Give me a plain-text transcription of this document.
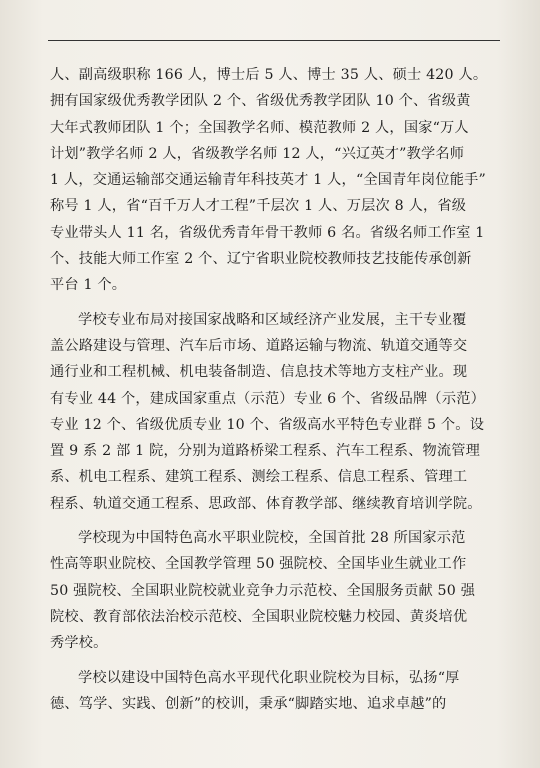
人、副高级职称 166 人，博士后 5 人、博士 35 人、硕士 420 人。
拥有国家级优秀教学团队 2 个、省级优秀教学团队 10 个、省级黄
大年式教师团队 1 个；全国教学名师、模范教师 2 人，国家“万人
计划”教学名师 2 人，省级教学名师 12 人，“兴辽英才”教学名师
1 人，交通运输部交通运输青年科技英才 1 人，“全国青年岗位能手”
称号 1 人，省“百千万人才工程”千层次 1 人、万层次 8 人，省级
专业带头人 11 名，省级优秀青年骨干教师 6 名。省级名师工作室 1
个、技能大师工作室 2 个、辽宁省职业院校教师技艺技能传承创新
平台 1 个。
学校专业布局对接国家战略和区域经济产业发展，主干专业覆
盖公路建设与管理、汽车后市场、道路运输与物流、轨道交通等交
通行业和工程机械、机电装备制造、信息技术等地方支柱产业。现
有专业 44 个，建成国家重点（示范）专业 6 个、省级品牌（示范）
专业 12 个、省级优质专业 10 个、省级高水平特色专业群 5 个。设
置 9 系 2 部 1 院，分别为道路桥梁工程系、汽车工程系、物流管理
系、机电工程系、建筑工程系、测绘工程系、信息工程系、管理工
程系、轨道交通工程系、思政部、体育教学部、继续教育培训学院。
学校现为中国特色高水平职业院校，全国首批 28 所国家示范
性高等职业院校、全国教学管理 50 强院校、全国毕业生就业工作
50 强院校、全国职业院校就业竞争力示范校、全国服务贡献 50 强
院校、教育部依法治校示范校、全国职业院校魅力校园、黄炎培优
秀学校。
学校以建设中国特色高水平现代化职业院校为目标，弘扬“厚
德、笃学、实践、创新”的校训，秉承“脚踏实地、追求卓越”的
